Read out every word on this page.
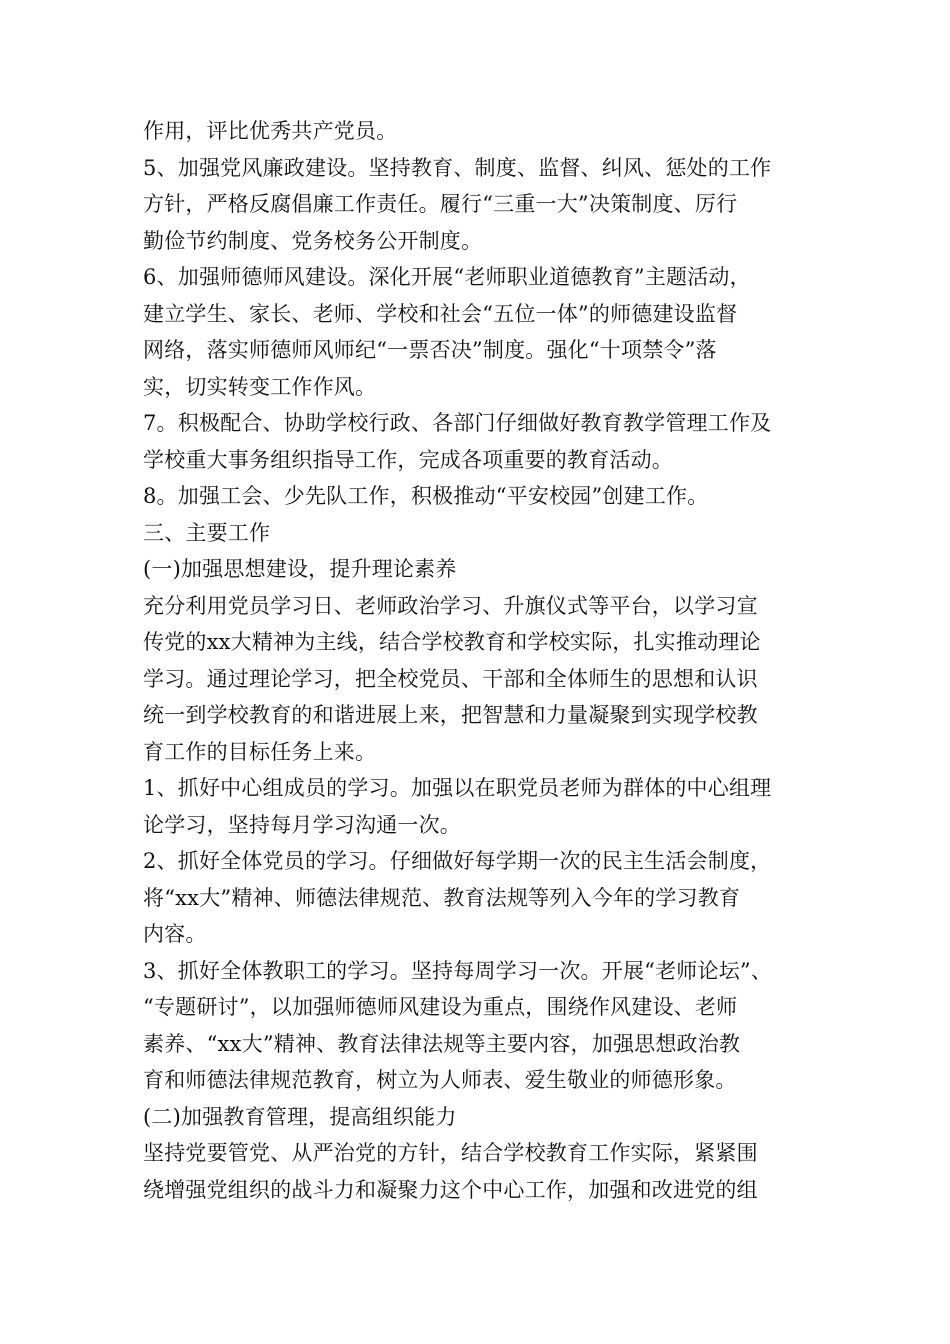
作用，评比优秀共产党员。
5、加强党风廉政建设。坚持教育、制度、监督、纠风、惩处的工作
方针，严格反腐倡廉工作责任。履行“三重一大”决策制度、厉行
勤俭节约制度、党务校务公开制度。
6、加强师德师风建设。深化开展“老师职业道德教育”主题活动，
建立学生、家长、老师、学校和社会“五位一体”的师德建设监督
网络，落实师德师风师纪“一票否决”制度。强化“十项禁令”落
实，切实转变工作作风。
7。积极配合、协助学校行政、各部门仔细做好教育教学管理工作及
学校重大事务组织指导工作，完成各项重要的教育活动。
8。加强工会、少先队工作，积极推动“平安校园”创建工作。
三、主要工作
(一)加强思想建设，提升理论素养
充分利用党员学习日、老师政治学习、升旗仪式等平台，以学习宣
传党的xx大精神为主线，结合学校教育和学校实际，扎实推动理论
学习。通过理论学习，把全校党员、干部和全体师生的思想和认识
统一到学校教育的和谐进展上来，把智慧和力量凝聚到实现学校教
育工作的目标任务上来。
1、抓好中心组成员的学习。加强以在职党员老师为群体的中心组理
论学习，坚持每月学习沟通一次。
2、抓好全体党员的学习。仔细做好每学期一次的民主生活会制度，
将“xx大”精神、师德法律规范、教育法规等列入今年的学习教育
内容。
3、抓好全体教职工的学习。坚持每周学习一次。开展“老师论坛”、
“专题研讨”，以加强师德师风建设为重点，围绕作风建设、老师
素养、“xx大”精神、教育法律法规等主要内容，加强思想政治教
育和师德法律规范教育，树立为人师表、爱生敬业的师德形象。
(二)加强教育管理，提高组织能力
坚持党要管党、从严治党的方针，结合学校教育工作实际，紧紧围
绕增强党组织的战斗力和凝聚力这个中心工作，加强和改进党的组
